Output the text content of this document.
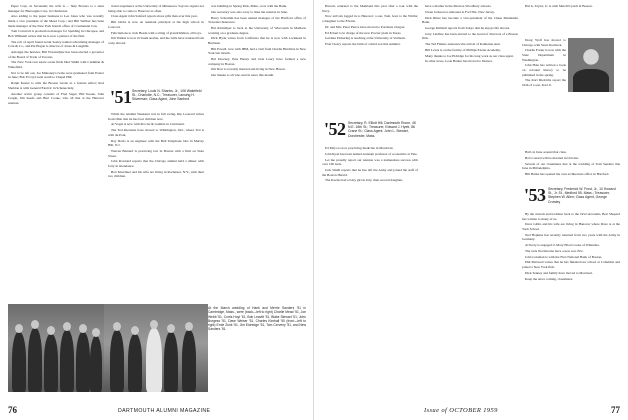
Paper Corp. in Savannah; his wife is ... Skip Bowers is a sales manager for Burroughs Corp. in Charleston.

Also adding to the paper business is Lee Jones who was recently made a vice president of the Mead Corp.; and Bill Webber has been made manager of the New York branch office of Continental Can.

Tom Cornwall is production manager for Spalding in Chicopee, and Bob Willheim writes that he is now a partner of the firm.

The roll of April found Grant Seeley named advertising manager of Cole & Co., and Pat Hogan is director of Jones & Laughlin.

Amongst the heavies, Bill Wortendyke has been elected a governor of the Board of Trade of Toronto.

The New York real estate scene finds Dud Smith with Cushman & Wakefield.

Not to be left out, Joe Mahoney's twins were graduated from Exeter in June; Bob Ecroyd went south to Chapel Hill.

Ralph Keeler is with the Boston Globe as a feature editor; Rod Sheldon is with General Electric in Schenectady.

Another active group consists of Fred Sager, Bill Keane, John Cragin, Jim Keefe and Burt Cooke, who all met at the Hanover reunion.

tional experience at the University of Minnesota. Says he regrets not being able to come to Hanover as often.

Class Agent John Sanford reports more gifts than ever this year.

Bill Gibbs is now an assistant principal at the high school in Concord.

Felicitations to Jack Beede with a string of grandchildren, all boys.

Jim Walker is now in Saudi Arabia, and the Gills have returned from a trip abroad.

'51 Secretary, Louis N. Shanks, Jr., 106 Wakefield St., Charlotte, N.C.; Treasurer, Lansing H. Silverman; Class Agent, John Sanford

While the Alumni Weekend was in full swing, Rip Leonard writes from Ohio that he has four children now.

Al Vogel is now with Procter & Gamble in Cincinnati.

The Ted Kiernans have moved to Wilmington, Del., where Ted is with du Pont.

Ray Davis is an engineer with the Bell Telephone labs in Murray Hill, N.J.

Warren Barnard is practicing law in Boston with a firm on State Street.

John Rowland reports that the Chicago alumni held a dinner with forty in attendance.

Bob Kirschner and his wife are living in Rochester, N.Y., with their two children.

was building in Spring Park, Minn., now with the Bank.

Our secretary was also sorry to miss the reunion in June.

Harry Schramm has been named manager of the Hartford office of Travelers Insurance.

Hal Richtmyer is back at the University of Wisconsin in Madison working on a graduate degree.

Dick Hyde writes from California that he is now with Lockheed in Burbank.

Bill Powell, now with IBM, had a visit from Charlie Hutchins in New York last month.

Hal Downey, Pete Haney and Jack Leary have formed a new company in Boston.

Jim Dow is recently married and living in New Haven.

Our thanks to all who sent in news this month.

At the March wedding of Hank and Merrie Sanders '51 in Cambridge, Mass., were (back—left to right) Charlie Mead '51, Joe Webb '51, Curtis Hoyt '51, Bob Leavitt '51, Blake Stewart '51, John Burgess '51, Dave Weiser '51, Charles Kimball '50 (front—left to right) Ernie Zunk '51, Jim Eldredge '51, Tom Cerveny '51, and New Sanders '51.
76	DARTMOUTH ALUMNI MAGAZINE

Hawaii, returned to the Mainland this year after a tour with the Navy.

Now arrivals logged in to Hanover: a son, Tom, born to the Wirths; a daughter to the Elwins.

Dr. and Mrs. Peter Pierce have moved to Portland, Oregon.

Ed Eckert is in charge of the new Procter plant in Texas.

Gardner Pickering is teaching at the University of Vermont.

Fran Cleary reports the birth of a third son this summer.

'52 Secretary, R. Elliott Hill, Dartmouth Room, 45 N.E. 16th St.; Treasurer, Edward J. Hyett, 86 Crane St.; Class Agent, John L. Stewart, Dorchester, Mass.

Ed Mayo is now practicing medicine in Montclair.

John Ryan has been named assistant professor of economics at Yale.

Let me proudly report our reunion was a tremendous success with over 160 back.

Jack Smith reports that he has left the Army and joined the staff of the Boston Herald.

The Keefes had a baby girl in July, their second daughter.

have a mother in the Monroe-Woodbury schools.

Owen Jackson is stationed at Fort Dix, New Jersey.

Dick Ritter has become a vice-president of the Chase Manhattan Bank.

George Kimball reports from Tokyo that he enjoys life abroad.

Jerry Laidlaw has been elected to the board of directors of a Boston firm.

The Ted Fishers announce the arrival of Katherine Ann.

Bill Lewis is on the faculty of Phillips Exeter Academy.

Many thanks to Joe Eldridge for his long work as our class agent.

In other news, Leon Barker has moved to Denver.

Hal A. Taylor, Jr. is with Merrill Lynch in Boston.

Doug Wolf has moved to Chicago with Sears Roebuck.

Charlie Foster is now with the State Department in Washington.

John Hale has written a book on colonial history to be published in the spring.

The Karl Dietrichs report the birth of a son, Karl Jr.

Hall, in June around that class.

Bob Conard will be married in October.

Several of our classmates met at the wedding of Tom Sanders this June in Philadelphia.

Bill Burke has opened his own architecture office in Hartford.

'53 Secretary, Frederick W. Frost, Jr., 10 Howard St., Jr. St., Medford 55, Mass.; Treasurer, Stephen W. Allen; Class Agent, George Crowley

By the custom and tradition back to the 1952 ski teams, Bert Shepard has written to many of us.

Dave Gibbs and his wife are living in Hanover where Dave is at the Tuck School.

Ned Hopkins has recently returned from two years with the Army in Germany.

Al Perry is engaged to Mary Ellen Cooke of Winnetka.

The Jack Nordstroms have a new son, Eric.

John Coleman is with the First National Bank of Boston.

Phil Maxwell writes that he has finished law school at Columbia and joined a New York firm.

Dick Tenney and family have moved to Montreal.

Keep the news coming, classmates.

Issue of OCTOBER 1959	77
